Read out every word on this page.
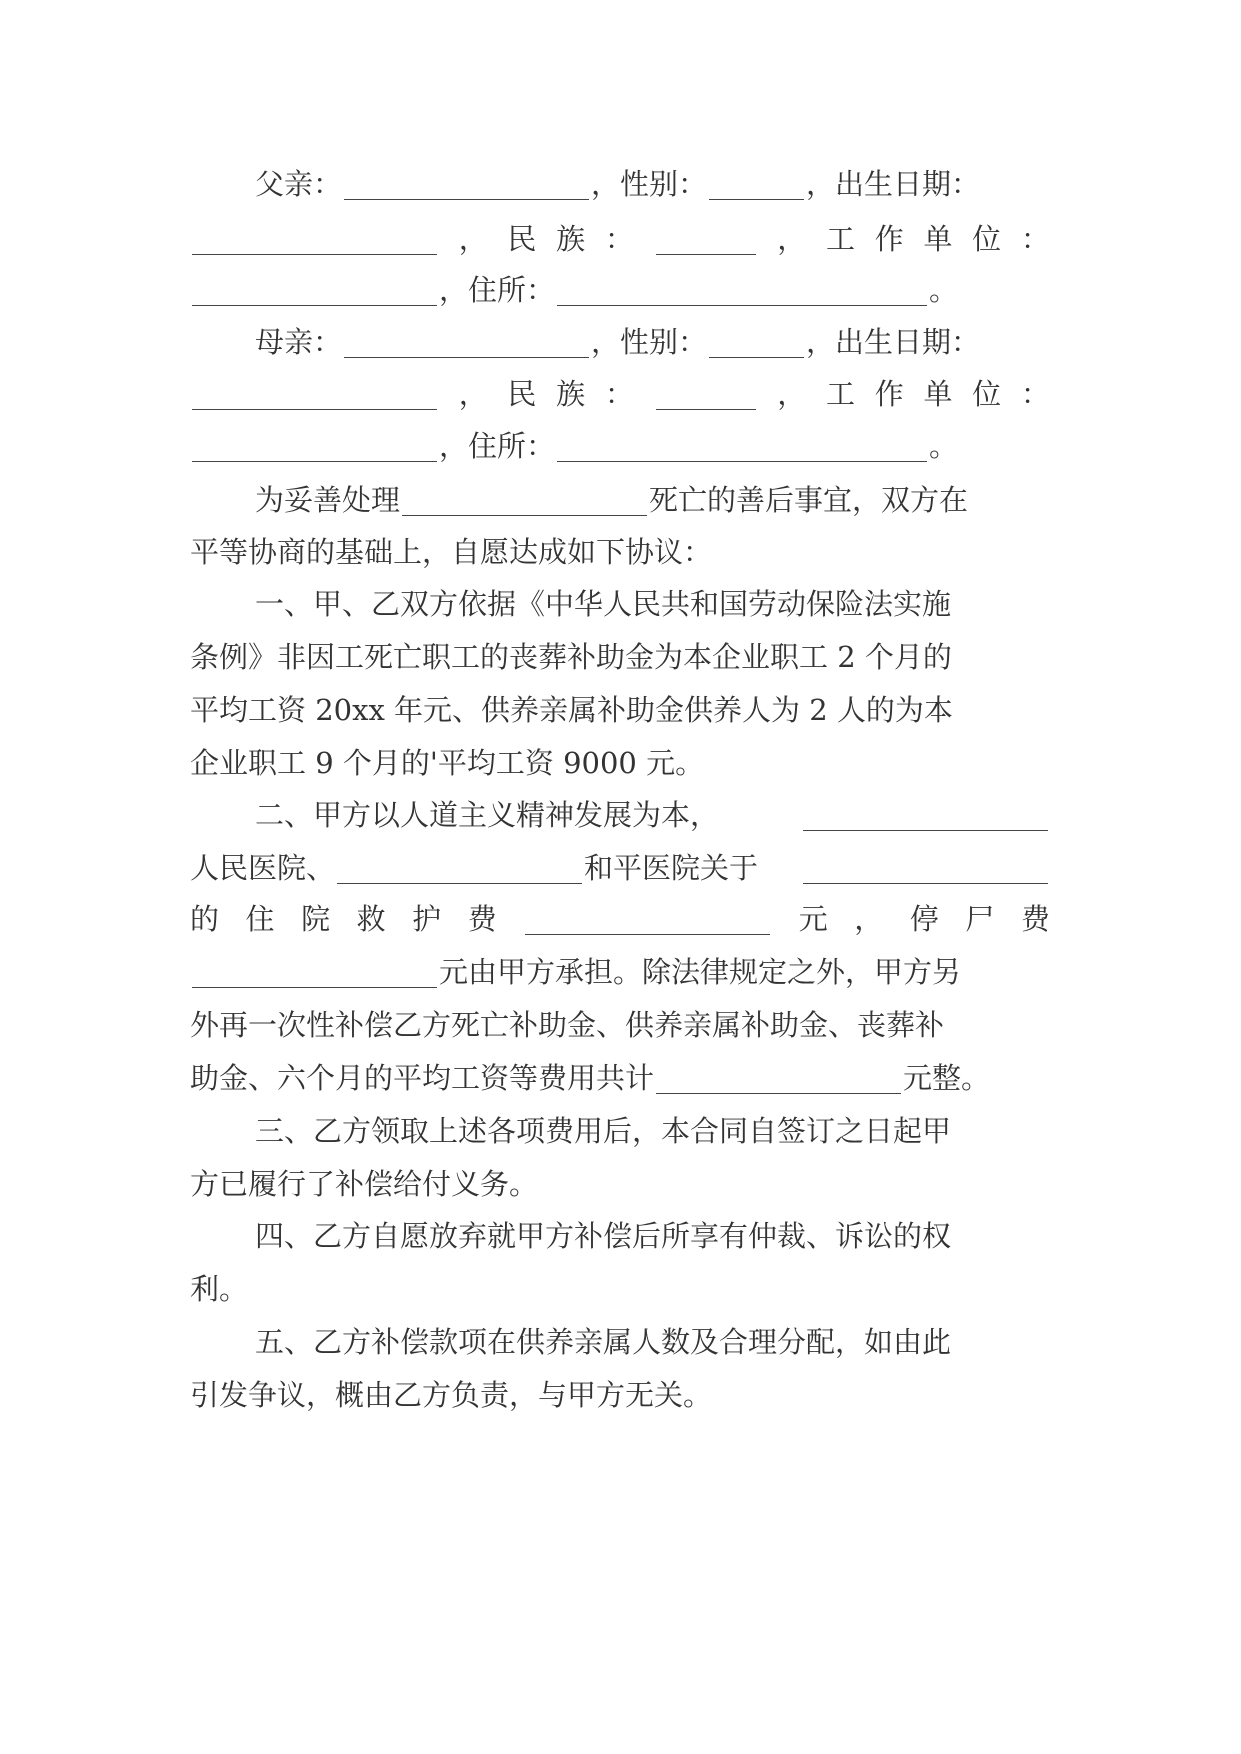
父亲：	，性别：	，出生日期：
， 民 族 ：	， 工 作 单 位 ：
，住所：	。
母亲：	，性别：	，出生日期：
， 民 族 ：	， 工 作 单 位 ：
，住所：	。
为妥善处理	死亡的善后事宜，双方在
平等协商的基础上，自愿达成如下协议：
一、甲、乙双方依据《中华人民共和国劳动保险法实施
条例》非因工死亡职工的丧葬补助金为本企业职工 2 个月的
平均工资 20xx 年元、供养亲属补助金供养人为 2 人的为本
企业职工 9 个月的'平均工资 9000 元。
二、甲方以人道主义精神发展为本，
人民医院、	和平医院关于
的 住 院 救 护 费	元 ， 停 尸 费
元由甲方承担。除法律规定之外，甲方另
外再一次性补偿乙方死亡补助金、供养亲属补助金、丧葬补
助金、六个月的平均工资等费用共计	元整。
三、乙方领取上述各项费用后，本合同自签订之日起甲
方已履行了补偿给付义务。
四、乙方自愿放弃就甲方补偿后所享有仲裁、诉讼的权
利。
五、乙方补偿款项在供养亲属人数及合理分配，如由此
引发争议，概由乙方负责，与甲方无关。
